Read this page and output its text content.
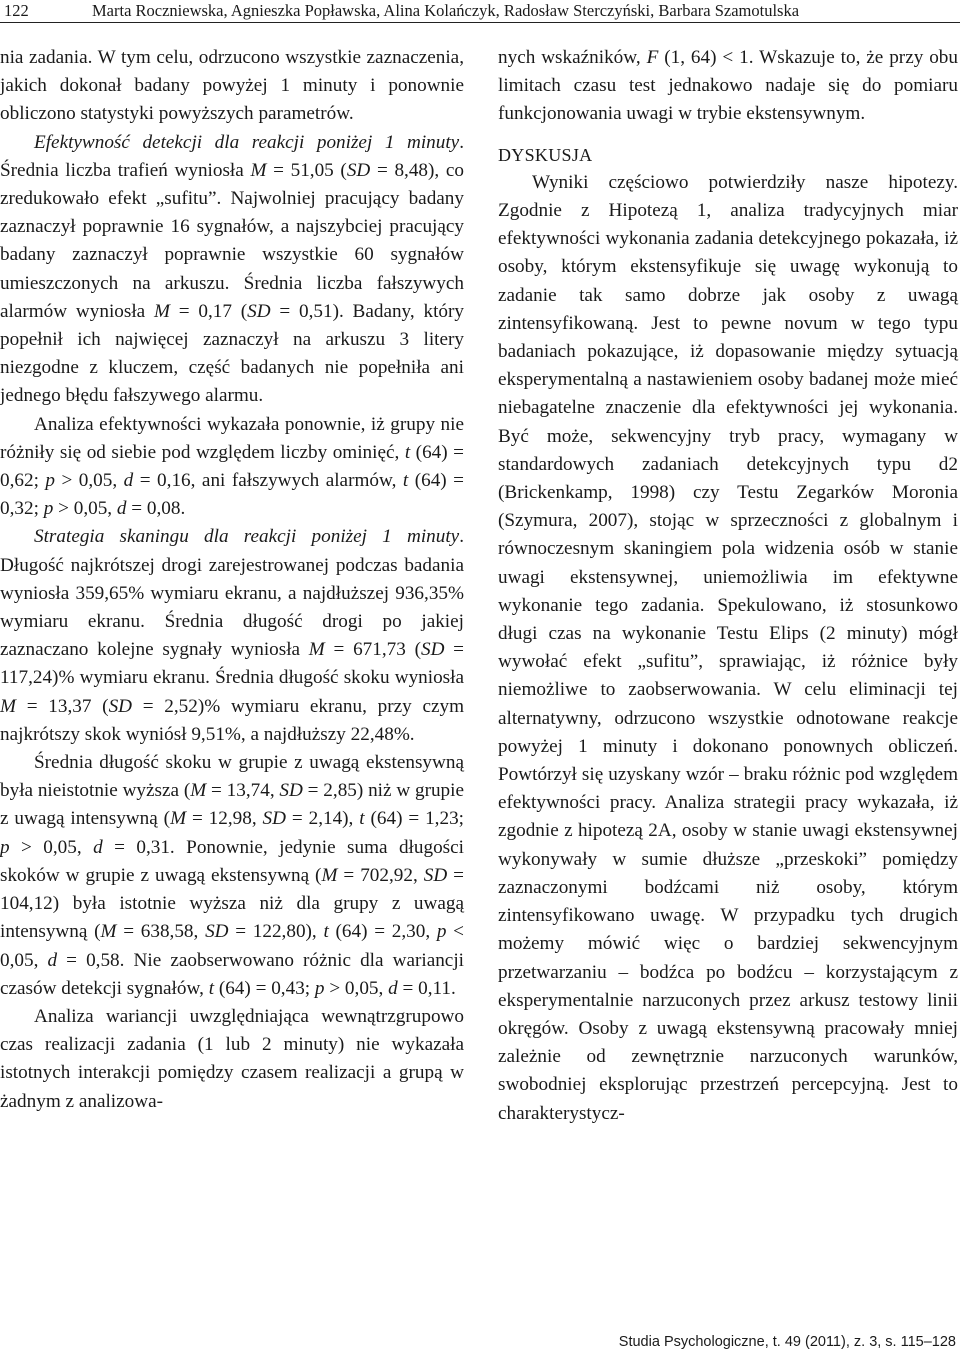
122	Marta Roczniewska, Agnieszka Popławska, Alina Kolańczyk, Radosław Sterczyński, Barbara Szamotulska

nia zadania. W tym celu, odrzucono wszystkie zaznaczenia, jakich dokonał badany powyżej 1 minuty i ponownie obliczono statystyki powyższych parametrów.

Efektywność detekcji dla reakcji poniżej 1 minuty. Średnia liczba trafień wyniosła M = 51,05 (SD = 8,48), co zredukowało efekt „sufitu”. Najwolniej pracujący badany zaznaczył poprawnie 16 sygnałów, a najszybciej pracujący badany zaznaczył poprawnie wszystkie 60 sygnałów umieszczonych na arkuszu. Średnia liczba fałszywych alarmów wyniosła M = 0,17 (SD = 0,51). Badany, który popełnił ich najwięcej zaznaczył na arkuszu 3 litery niezgodne z kluczem, część badanych nie popełniła ani jednego błędu fałszywego alarmu.

Analiza efektywności wykazała ponownie, iż grupy nie różniły się od siebie pod względem liczby ominięć, t (64) = 0,62; p > 0,05, d = 0,16, ani fałszywych alarmów, t (64) = 0,32; p > 0,05, d = 0,08.

Strategia skaningu dla reakcji poniżej 1 minuty. Długość najkrótszej drogi zarejestrowanej podczas badania wyniosła 359,65% wymiaru ekranu, a najdłuższej 936,35% wymiaru ekranu. Średnia długość drogi po jakiej zaznaczano kolejne sygnały wyniosła M = 671,73 (SD = 117,24)% wymiaru ekranu. Średnia długość skoku wyniosła M = 13,37 (SD = 2,52)% wymiaru ekranu, przy czym najkrótszy skok wyniósł 9,51%, a najdłuższy 22,48%.

Średnia długość skoku w grupie z uwagą ekstensywną była nieistotnie wyższa (M = 13,74, SD = 2,85) niż w grupie z uwagą intensywną (M = 12,98, SD = 2,14), t (64) = 1,23; p > 0,05, d = 0,31. Ponownie, jedynie suma długości skoków w grupie z uwagą ekstensywną (M = 702,92, SD = 104,12) była istotnie wyższa niż dla grupy z uwagą intensywną (M = 638,58, SD = 122,80), t (64) = 2,30, p < 0,05, d = 0,58. Nie zaobserwowano różnic dla wariancji czasów detekcji sygnałów, t (64) = 0,43; p > 0,05, d = 0,11.

Analiza wariancji uwzględniająca wewnątrzgrupowo czas realizacji zadania (1 lub 2 minuty) nie wykazała istotnych interakcji pomiędzy czasem realizacji a grupą w żadnym z analizowa-

nych wskaźników, F (1, 64) < 1. Wskazuje to, że przy obu limitach czasu test jednakowo nadaje się do pomiaru funkcjonowania uwagi w trybie ekstensywnym.

DYSKUSJA

Wyniki częściowo potwierdziły nasze hipotezy. Zgodnie z Hipotezą 1, analiza tradycyjnych miar efektywności wykonania zadania detekcyjnego pokazała, iż osoby, którym ekstensyfikuje się uwagę wykonują to zadanie tak samo dobrze jak osoby z uwagą zintensyfikowaną. Jest to pewne novum w tego typu badaniach pokazujące, iż dopasowanie między sytuacją eksperymentalną a nastawieniem osoby badanej może mieć niebagatelne znaczenie dla efektywności jej wykonania. Być może, sekwencyjny tryb pracy, wymagany w standardowych zadaniach detekcyjnych typu d2 (Brickenkamp, 1998) czy Testu Zegarków Moronia (Szymura, 2007), stojąc w sprzeczności z globalnym i równoczesnym skaningiem pola widzenia osób w stanie uwagi ekstensywnej, uniemożliwia im efektywne wykonanie tego zadania. Spekulowano, iż stosunkowo długi czas na wykonanie Testu Elips (2 minuty) mógł wywołać efekt „sufitu”, sprawiając, iż różnice były niemożliwe to zaobserwowania. W celu eliminacji tej alternatywny, odrzucono wszystkie odnotowane reakcje powyżej 1 minuty i dokonano ponownych obliczeń. Powtórzył się uzyskany wzór – braku różnic pod względem efektywności pracy. Analiza strategii pracy wykazała, iż zgodnie z hipotezą 2A, osoby w stanie uwagi ekstensywnej wykonywały w sumie dłuższe „przeskoki” pomiędzy zaznaczonymi bodźcami niż osoby, którym zintensyfikowano uwagę. W przypadku tych drugich możemy mówić więc o bardziej sekwencyjnym przetwarzaniu – bodźca po bodźcu – korzystającym z eksperymentalnie narzuconych przez arkusz testowy linii okręgów. Osoby z uwagą ekstensywną pracowały mniej zależnie od zewnętrznie narzuconych warunków, swobodniej eksplorując przestrzeń percepcyjną. Jest to charakterystycz-

Studia Psychologiczne, t. 49 (2011), z. 3, s. 115–128
